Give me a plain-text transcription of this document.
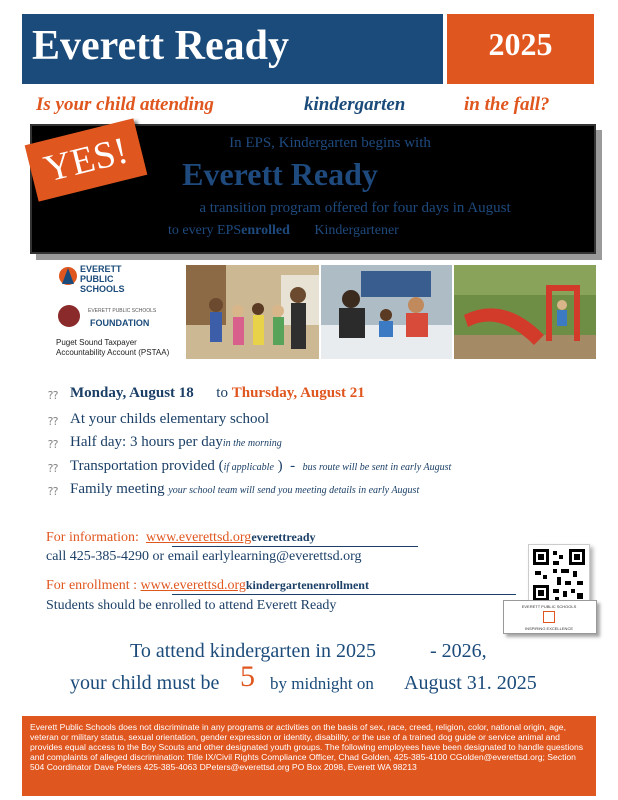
Everett Ready	2025
Is your child attending	kindergarten	in the fall?
In EPS, Kindergarten begins with
Everett Ready
a transition program offered for four days in August
to every EPSenrolled Kindergartener
YES!
EVERETT
PUBLIC
SCHOOLS
EVERETT PUBLIC SCHOOLS
FOUNDATION
Puget Sound Taxpayer Accountability Account (PSTAA)
⁇ Monday, August 18 to Thursday, August 21
⁇ At your childs elementary school
⁇ Half day: 3 hours per dayin the morning
⁇ Transportation provided (if applicable ) - bus route will be sent in early August
⁇ Family meeting your school team will send you meeting details in early August
For information: www.everettsd.orgeverettready
call 425-385-4290 or email earlylearning@everettsd.org
For enrollment : www.everettsd.orgkindergartenenrollment
Students should be enrolled to attend Everett Ready	EVERETT PUBLIC SCHOOLS
INSPIRING EXCELLENCE
To attend kindergarten in 2025	- 2026,
your child must be 5 by midnight on August 31. 2025
Everett Public Schools does not discriminate in any programs or activities on the basis of sex, race, creed, religion, color, national origin, age, veteran or military status, sexual orientation, gender expression or identity, disability, or the use of a trained dog guide or service animal and provides equal access to the Boy Scouts and other designated youth groups. The following employees have been designated to handle questions and complaints of alleged discrimination: Title IX/Civil Rights Compliance Officer, Chad Golden, 425-385-4100 CGolden@everettsd.org; Section 504 Coordinator Dave Peters 425-385-4063 DPeters@everettsd.org PO Box 2098, Everett WA 98213
